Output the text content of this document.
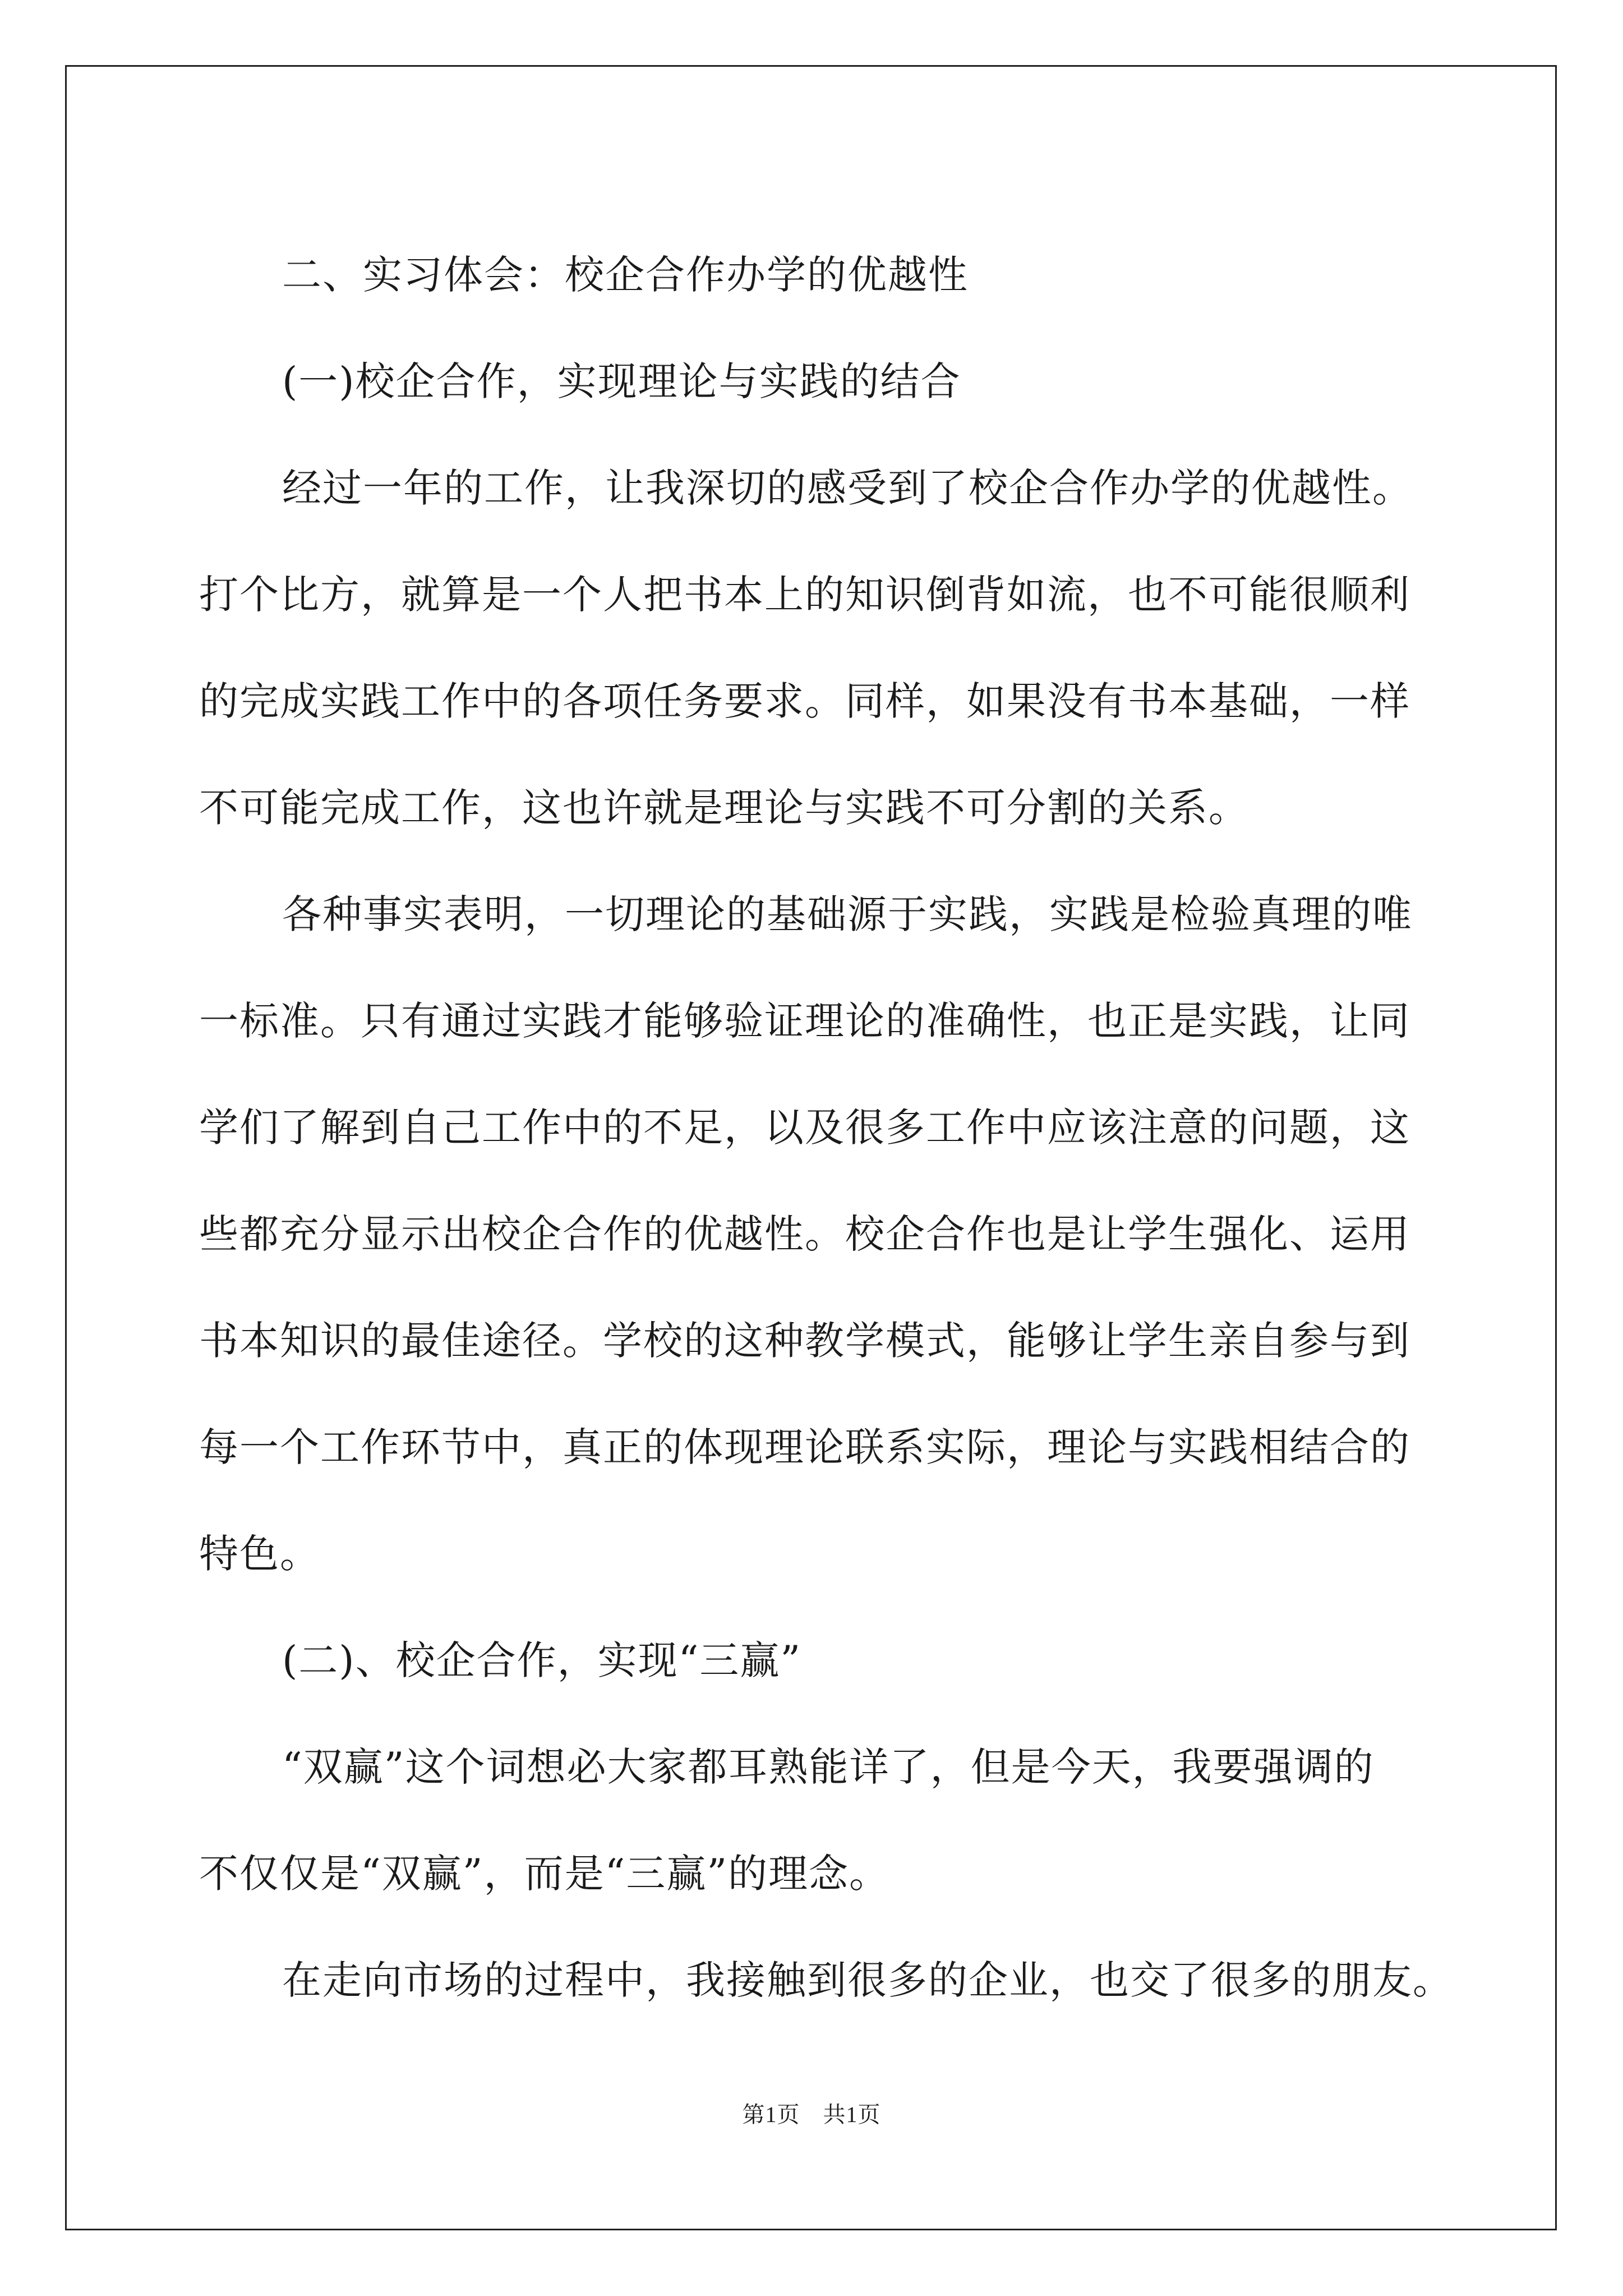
二、实习体会：校企合作办学的优越性
(一)校企合作，实现理论与实践的结合
经过一年的工作，让我深切的感受到了校企合作办学的优越性。
打个比方，就算是一个人把书本上的知识倒背如流，也不可能很顺利
的完成实践工作中的各项任务要求。同样，如果没有书本基础，一样
不可能完成工作，这也许就是理论与实践不可分割的关系。
各种事实表明，一切理论的基础源于实践，实践是检验真理的唯
一标准。只有通过实践才能够验证理论的准确性，也正是实践，让同
学们了解到自己工作中的不足，以及很多工作中应该注意的问题，这
些都充分显示出校企合作的优越性。校企合作也是让学生强化、运用
书本知识的最佳途径。学校的这种教学模式，能够让学生亲自参与到
每一个工作环节中，真正的体现理论联系实际，理论与实践相结合的
特色。
(二)、校企合作，实现“三赢”
“双赢”这个词想必大家都耳熟能详了，但是今天，我要强调的
不仅仅是“双赢”，而是“三赢”的理念。
在走向市场的过程中，我接触到很多的企业，也交了很多的朋友。
第1页　共1页
